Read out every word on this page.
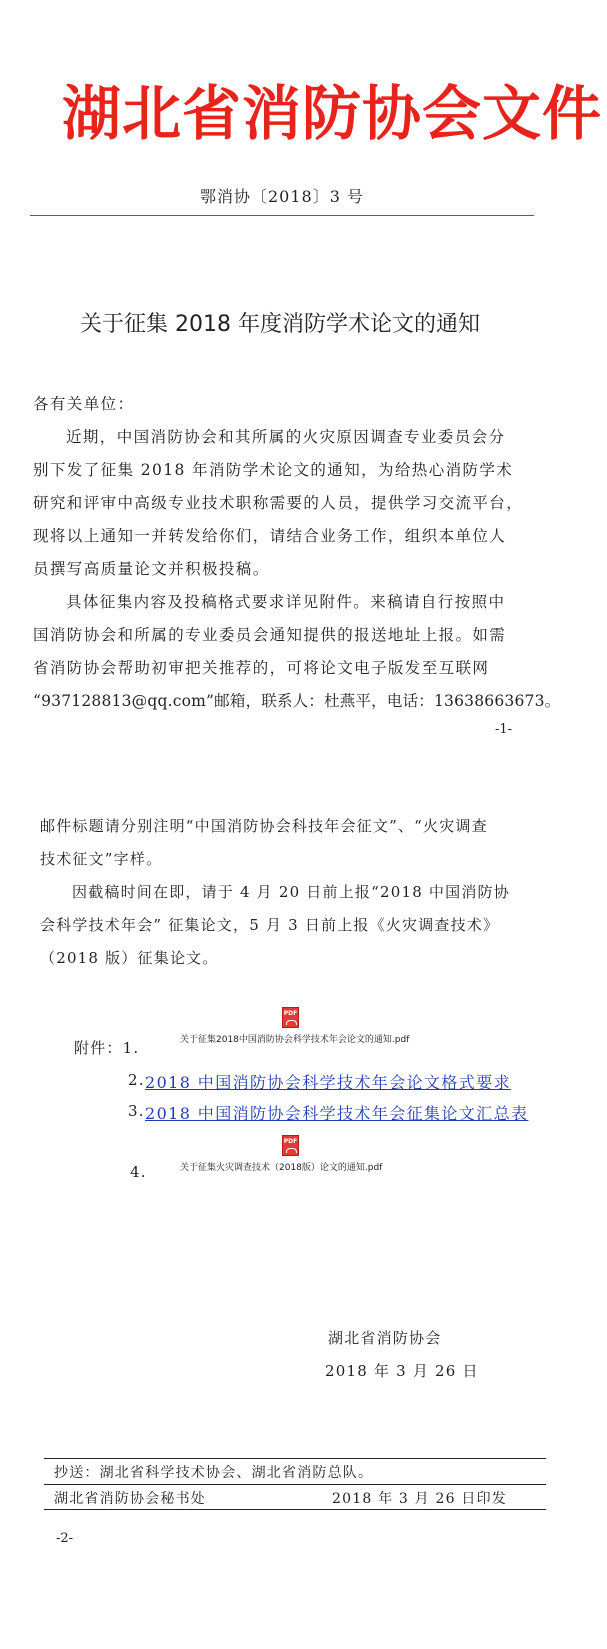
湖北省消防协会文件
鄂消协〔2018〕3 号
关于征集 2018 年度消防学术论文的通知
各有关单位：
近期，中国消防协会和其所属的火灾原因调查专业委员会分
别下发了征集 2018 年消防学术论文的通知，为给热心消防学术
研究和评审中高级专业技术职称需要的人员，提供学习交流平台，
现将以上通知一并转发给你们，请结合业务工作，组织本单位人
员撰写高质量论文并积极投稿。
具体征集内容及投稿格式要求详见附件。来稿请自行按照中
国消防协会和所属的专业委员会通知提供的报送地址上报。如需
省消防协会帮助初审把关推荐的，可将论文电子版发至互联网
“937128813@qq.com”邮箱，联系人：杜燕平，电话：13638663673。
-1-
邮件标题请分别注明“中国消防协会科技年会征文”、“火灾调查
技术征文”字样。
因截稿时间在即，请于 4 月 20 日前上报“2018 中国消防协
会科学技术年会” 征集论文，5 月 3 日前上报《火灾调查技术》
（2018 版）征集论文。
附件：1.
PDF
关于征集2018中国消防协会科学技术年会论文的通知.pdf
2. 2018 中国消防协会科学技术年会论文格式要求
3. 2018 中国消防协会科学技术年会征集论文汇总表
PDF
4.	关于征集火灾调查技术（2018版）论文的通知.pdf
湖北省消防协会
2018 年 3 月 26 日
抄送：湖北省科学技术协会、湖北省消防总队。
湖北省消防协会秘书处	2018 年 3 月 26 日印发
-2-
